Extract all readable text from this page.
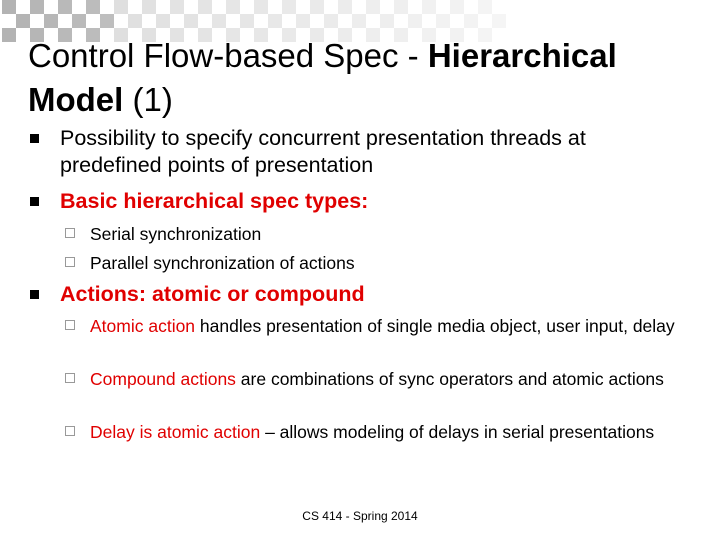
Control Flow-based Spec - Hierarchical Model (1)
Possibility to specify concurrent presentation threads at predefined points of presentation
Basic hierarchical spec types:
Serial synchronization
Parallel synchronization of actions
Actions: atomic or compound
Atomic action handles presentation of single media object, user input, delay
Compound actions are combinations of sync operators and atomic actions
Delay is atomic action – allows modeling of delays in serial presentations
CS 414 - Spring 2014
